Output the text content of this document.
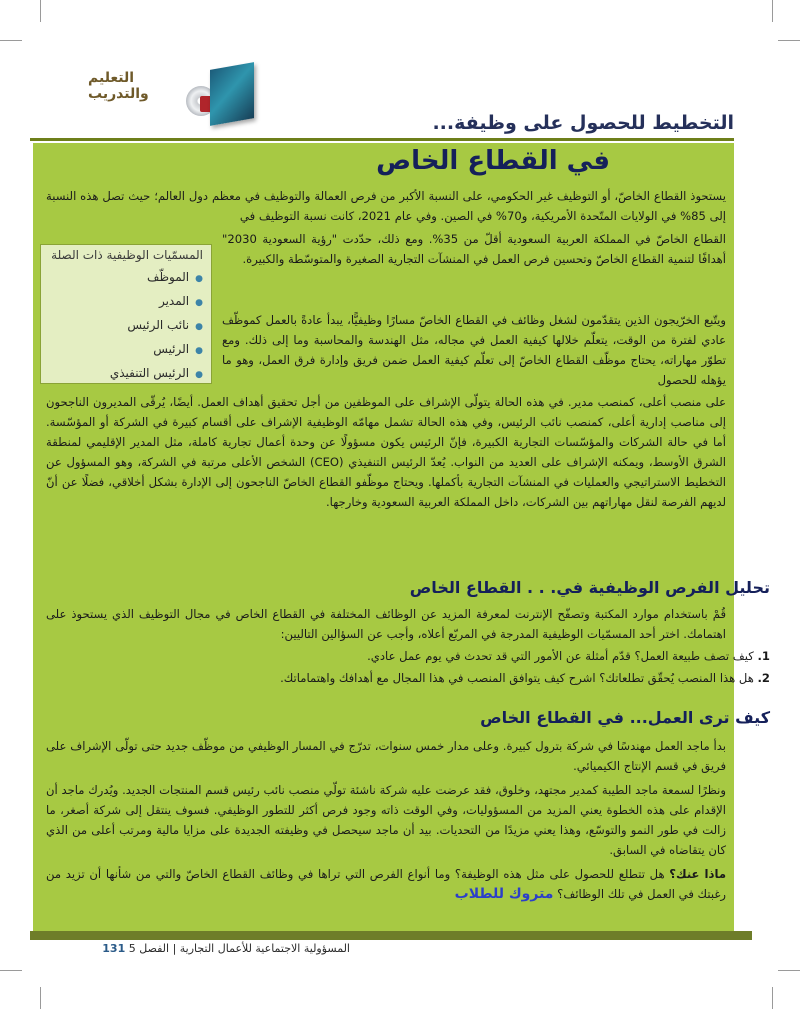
التعليم والتدريب
التخطيط للحصول على وظيفة...
في القطاع الخاص
يستحوذ القطاع الخاصّ، أو التوظيف غير الحكومي، على النسبة الأكبر من فرص العمالة والتوظيف في معظم دول العالم؛ حيث تصل هذه النسبة إلى 85% في الولايات المتّحدة الأمريكية، و70% في الصين. وفي عام 2021، كانت نسبة التوظيف في
القطاع الخاصّ في المملكة العربية السعودية أقلّ من 35%. ومع ذلك، حدّدت "رؤية السعودية 2030" أهدافًا لتنمية القطاع الخاصّ وتحسين فرص العمل في المنشآت التجارية الصغيرة والمتوسّطة والكبيرة.
ويتّبع الخرّيجون الذين يتقدّمون لشغل وظائف في القطاع الخاصّ مسارًا وظيفيًّا، يبدأ عادةً بالعمل كموظّف عادي لفترة من الوقت، يتعلّم خلالها كيفية العمل في مجاله، مثل الهندسة والمحاسبة وما إلى ذلك. ومع تطوّر مهاراته، يحتاج موظّف القطاع الخاصّ إلى تعلّم كيفية العمل ضمن فريق وإدارة فرق العمل، وهو ما يؤهله للحصول
المسمّيات الوظيفية ذات الصلة
● الموظّف
● المدير
● نائب الرئيس
● الرئيس
● الرئيس التنفيذي
على منصب أعلى، كمنصب مدير. في هذه الحالة يتولّى الإشراف على الموظفين من أجل تحقيق أهداف العمل. أيضًا، يُرقّى المديرون الناجحون إلى مناصب إدارية أعلى، كمنصب نائب الرئيس، وفي هذه الحالة تشمل مهامّه الوظيفية الإشراف على أقسام كبيرة في الشركة أو المؤسّسة. أما في حالة الشركات والمؤسّسات التجارية الكبيرة، فإنّ الرئيس يكون مسؤولًا عن وحدة أعمال تجارية كاملة، مثل المدير الإقليمي لمنطقة الشرق الأوسط، ويمكنه الإشراف على العديد من النواب. يُعدّ الرئيس التنفيذي (CEO) الشخص الأعلى مرتبة في الشركة، وهو المسؤول عن التخطيط الاستراتيجي والعمليات في المنشآت التجارية بأكملها. ويحتاج موظّفو القطاع الخاصّ الناجحون إلى الإدارة بشكل أخلاقي، فضلًا عن أنّ لديهم الفرصة لنقل مهاراتهم بين الشركات، داخل المملكة العربية السعودية وخارجها.
تحليل الفرص الوظيفية في. . . القطاع الخاص
قُمْ باستخدام موارد المكتبة وتصفّح الإنترنت لمعرفة المزيد عن الوظائف المختلفة في القطاع الخاص في مجال التوظيف الذي يستحوذ على اهتمامك. اختر أحد المسمّيات الوظيفية المدرجة في المربّع أعلاه، وأجب عن السؤالين التاليين:
1. كيف تصف طبيعة العمل؟ قدّم أمثلة عن الأمور التي قد تحدث في يوم عمل عادي.
2. هل هذا المنصب يُحقّق تطلعاتك؟ اشرح كيف يتوافق المنصب في هذا المجال مع أهدافك واهتماماتك.
كيف ترى العمل... في القطاع الخاص
بدأ ماجد العمل مهندسًا في شركة بترول كبيرة. وعلى مدار خمس سنوات، تدرّج في المسار الوظيفي من موظّف جديد حتى تولّى الإشراف على فريق في قسم الإنتاج الكيميائي.
ونظرًا لسمعة ماجد الطيبة كمدير مجتهد، وخلوق، فقد عرضت عليه شركة ناشئة تولّي منصب نائب رئيس قسم المنتجات الجديد. ويُدرك ماجد أن الإقدام على هذه الخطوة يعني المزيد من المسؤوليات، وفي الوقت ذاته وجود فرص أكثر للتطور الوظيفي. فسوف ينتقل إلى شركة أصغر، ما زالت في طور النمو والتوسّع، وهذا يعني مزيدًا من التحديات. بيد أن ماجد سيحصل في وظيفته الجديدة على مزايا مالية ومرتب أعلى من الذي كان يتقاضاه في السابق.
ماذا عنك؟ هل تتطلع للحصول على مثل هذه الوظيفة؟ وما أنواع الفرص التي تراها في وظائف القطاع الخاصّ والتي من شأنها أن تزيد من رغبتك في العمل في تلك الوظائف؟ متروك للطلاب
المسؤولية الاجتماعية للأعمال التجارية | الفصل 5 131
